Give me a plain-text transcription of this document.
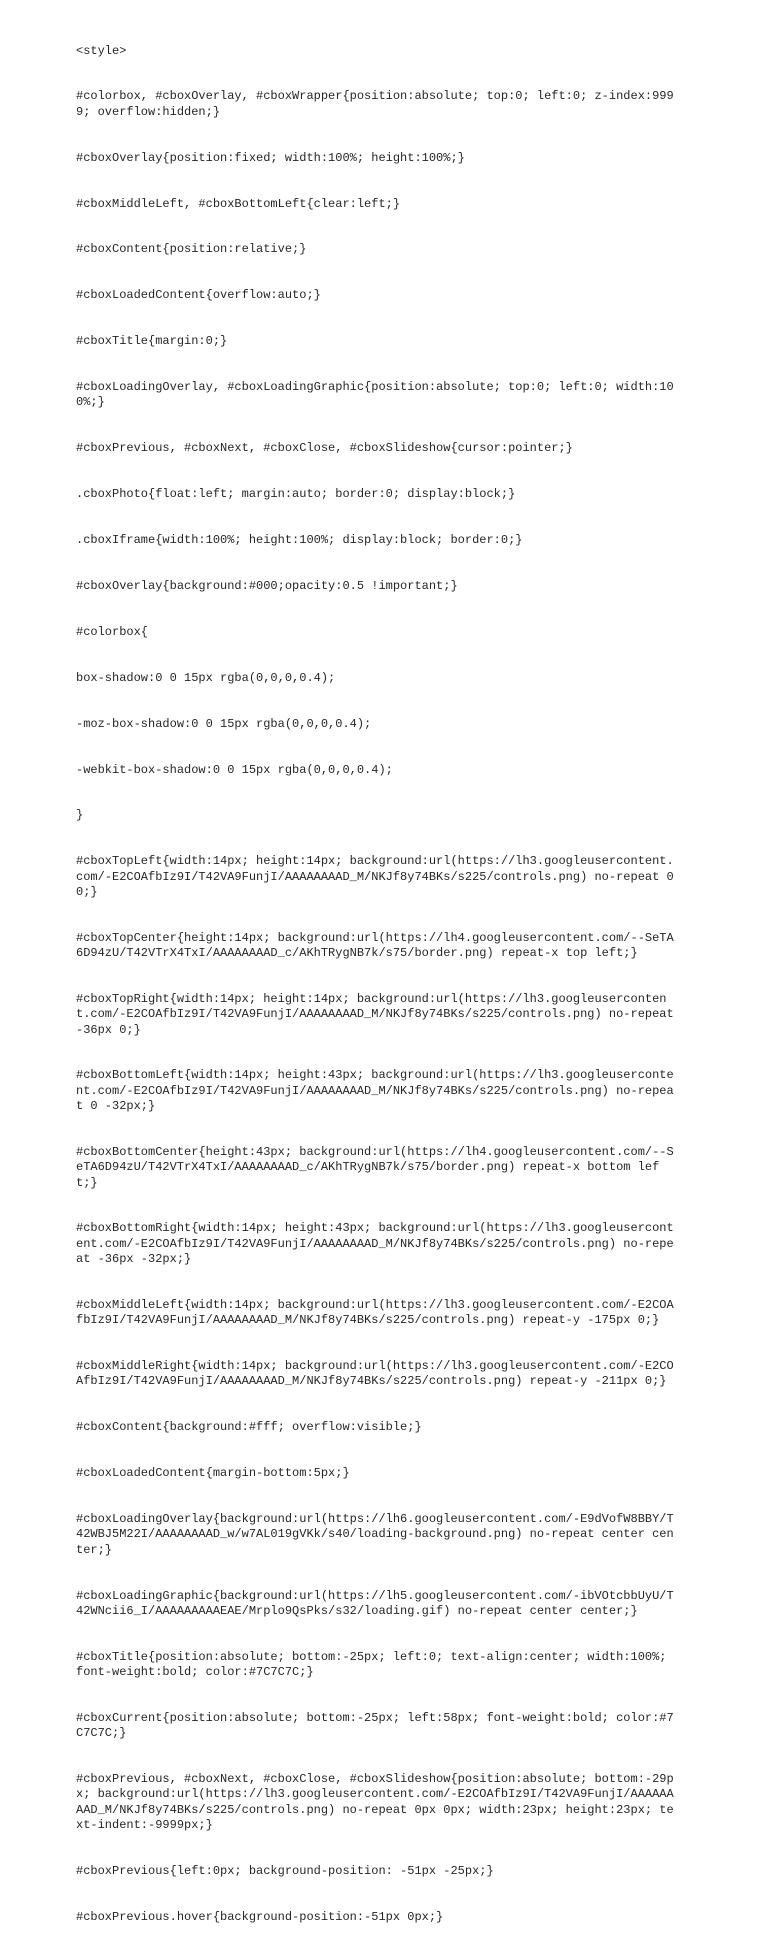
<style>

#colorbox, #cboxOverlay, #cboxWrapper{position:absolute; top:0; left:0; z-index:9999; overflow:hidden;}

#cboxOverlay{position:fixed; width:100%; height:100%;}

#cboxMiddleLeft, #cboxBottomLeft{clear:left;}

#cboxContent{position:relative;}

#cboxLoadedContent{overflow:auto;}

#cboxTitle{margin:0;}

#cboxLoadingOverlay, #cboxLoadingGraphic{position:absolute; top:0; left:0; width:100%;}

#cboxPrevious, #cboxNext, #cboxClose, #cboxSlideshow{cursor:pointer;}

.cboxPhoto{float:left; margin:auto; border:0; display:block;}

.cboxIframe{width:100%; height:100%; display:block; border:0;}

#cboxOverlay{background:#000;opacity:0.5 !important;}

#colorbox{

box-shadow:0 0 15px rgba(0,0,0,0.4);

-moz-box-shadow:0 0 15px rgba(0,0,0,0.4);

-webkit-box-shadow:0 0 15px rgba(0,0,0,0.4);

}

#cboxTopLeft{width:14px; height:14px; background:url(https://lh3.googleusercontent.com/-E2COAfbIz9I/T42VA9FunjI/AAAAAAAAD_M/NKJf8y74BKs/s225/controls.png) no-repeat 0 0;}

#cboxTopCenter{height:14px; background:url(https://lh4.googleusercontent.com/--SeTA6D94zU/T42VTrX4TxI/AAAAAAAAD_c/AKhTRygNB7k/s75/border.png) repeat-x top left;}

#cboxTopRight{width:14px; height:14px; background:url(https://lh3.googleusercontent.com/-E2COAfbIz9I/T42VA9FunjI/AAAAAAAAD_M/NKJf8y74BKs/s225/controls.png) no-repeat -36px 0;}

#cboxBottomLeft{width:14px; height:43px; background:url(https://lh3.googleusercontent.com/-E2COAfbIz9I/T42VA9FunjI/AAAAAAAAD_M/NKJf8y74BKs/s225/controls.png) no-repeat 0 -32px;}

#cboxBottomCenter{height:43px; background:url(https://lh4.googleusercontent.com/--SeTA6D94zU/T42VTrX4TxI/AAAAAAAAD_c/AKhTRygNB7k/s75/border.png) repeat-x bottom left;}

#cboxBottomRight{width:14px; height:43px; background:url(https://lh3.googleusercontent.com/-E2COAfbIz9I/T42VA9FunjI/AAAAAAAAD_M/NKJf8y74BKs/s225/controls.png) no-repeat -36px -32px;}

#cboxMiddleLeft{width:14px; background:url(https://lh3.googleusercontent.com/-E2COAfbIz9I/T42VA9FunjI/AAAAAAAAD_M/NKJf8y74BKs/s225/controls.png) repeat-y -175px 0;}

#cboxMiddleRight{width:14px; background:url(https://lh3.googleusercontent.com/-E2COAfbIz9I/T42VA9FunjI/AAAAAAAAD_M/NKJf8y74BKs/s225/controls.png) repeat-y -211px 0;}

#cboxContent{background:#fff; overflow:visible;}

#cboxLoadedContent{margin-bottom:5px;}

#cboxLoadingOverlay{background:url(https://lh6.googleusercontent.com/-E9dVofW8BBY/T42WBJ5M22I/AAAAAAAAD_w/w7AL019gVKk/s40/loading-background.png) no-repeat center center;}

#cboxLoadingGraphic{background:url(https://lh5.googleusercontent.com/-ibVOtcbbUyU/T42WNcii6_I/AAAAAAAAAEAE/Mrplo9QsPks/s32/loading.gif) no-repeat center center;}

#cboxTitle{position:absolute; bottom:-25px; left:0; text-align:center; width:100%; font-weight:bold; color:#7C7C7C;}

#cboxCurrent{position:absolute; bottom:-25px; left:58px; font-weight:bold; color:#7C7C7C;}

#cboxPrevious, #cboxNext, #cboxClose, #cboxSlideshow{position:absolute; bottom:-29px; background:url(https://lh3.googleusercontent.com/-E2COAfbIz9I/T42VA9FunjI/AAAAAAAAD_M/NKJf8y74BKs/s225/controls.png) no-repeat 0px 0px; width:23px; height:23px; text-indent:-9999px;}

#cboxPrevious{left:0px; background-position: -51px -25px;}

#cboxPrevious.hover{background-position:-51px 0px;}
